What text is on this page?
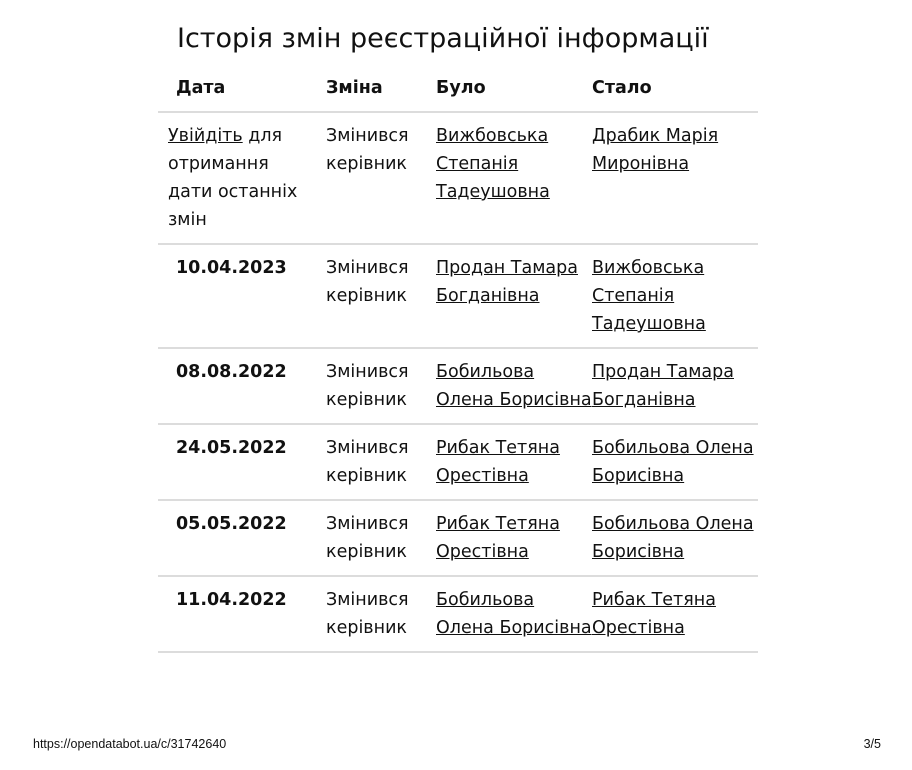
Історія змін реєстраційної інформації
Дата	Зміна	Було	Стало
Увійдіть для отримання дати останніх змін	Змінився керівник	Вижбовська Степанія Тадеушовна	Драбик Марія Миронівна
10.04.2023	Змінився керівник	Продан Тамара Богданівна	Вижбовська Степанія Тадеушовна
08.08.2022	Змінився керівник	Бобильова Олена Борисівна	Продан Тамара Богданівна
24.05.2022	Змінився керівник	Рибак Тетяна Орестівна	Бобильова Олена Борисівна
05.05.2022	Змінився керівник	Рибак Тетяна Орестівна	Бобильова Олена Борисівна
11.04.2022	Змінився керівник	Бобильова Олена Борисівна	Рибак Тетяна Орестівна
https://opendatabot.ua/c/31742640	3/5
